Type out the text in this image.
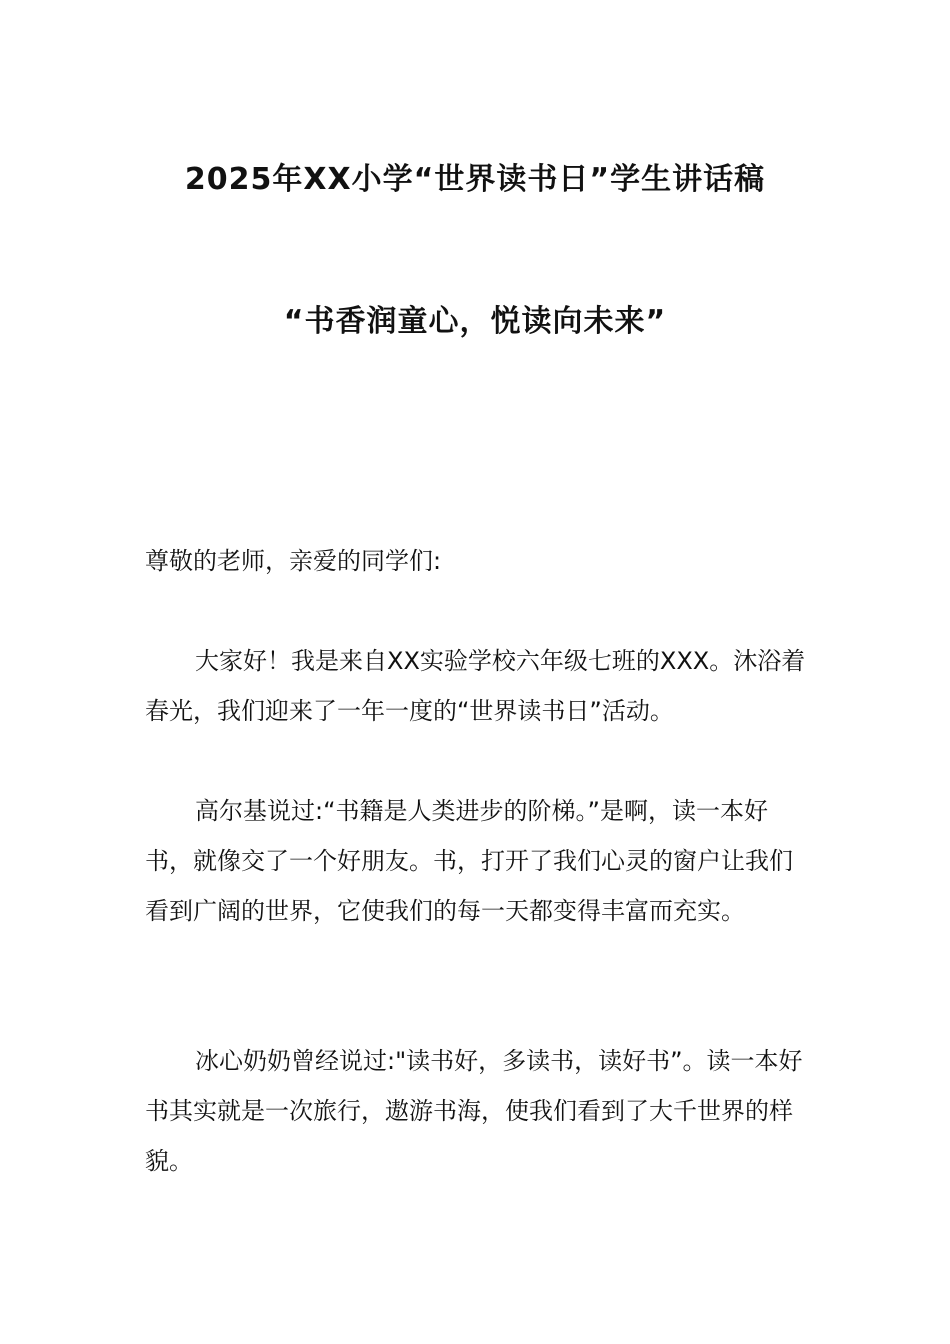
2025年XX小学“世界读书日”学生讲话稿
“书香润童心，悦读向未来”

尊敬的老师，亲爱的同学们:

大家好！我是来自XX实验学校六年级七班的XXX。沐浴着春光，我们迎来了一年一度的“世界读书日”活动。

高尔基说过:“书籍是人类进步的阶梯。”是啊，读一本好书，就像交了一个好朋友。书，打开了我们心灵的窗户让我们看到广阔的世界，它使我们的每一天都变得丰富而充实。

冰心奶奶曾经说过:"读书好，多读书，读好书”。读一本好书其实就是一次旅行，遨游书海，使我们看到了大千世界的样貌。
